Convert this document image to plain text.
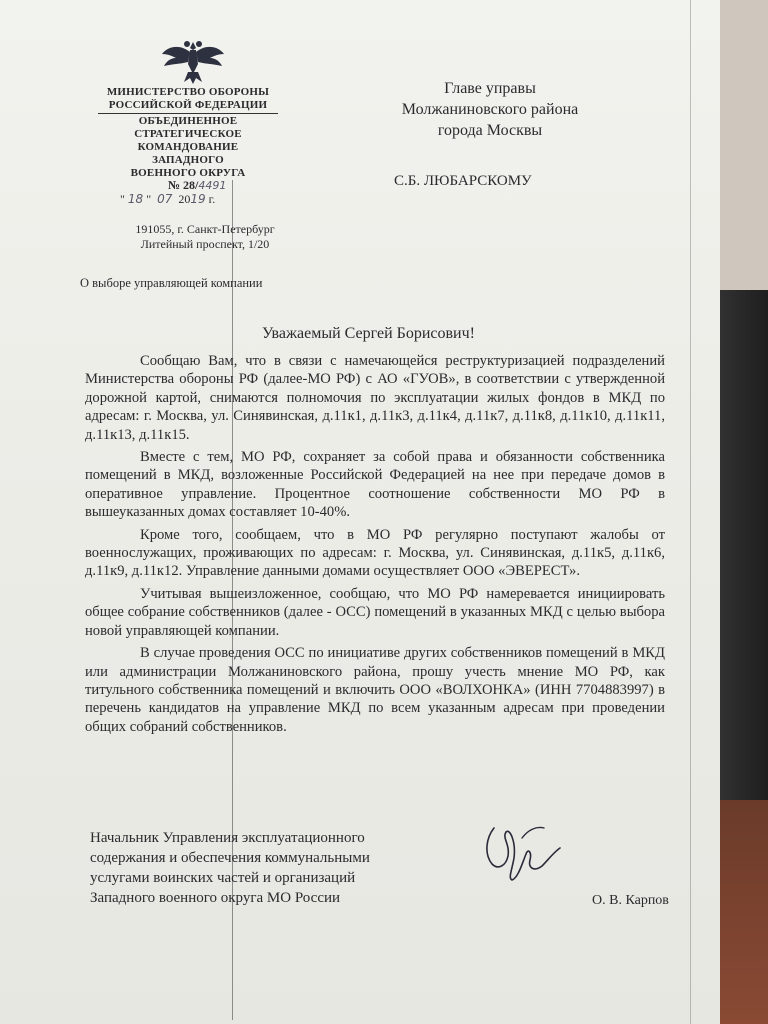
МИНИСТЕРСТВО ОБОРОНЫ
РОССИЙСКОЙ ФЕДЕРАЦИИ
ОБЪЕДИНЕННОЕ
СТРАТЕГИЧЕСКОЕ
КОМАНДОВАНИЕ
ЗАПАДНОГО
ВОЕННОГО ОКРУГА
№ 28/4491
" 18 "  07 2019 г.
191055, г. Санкт-Петербург
Литейный проспект, 1/20
О выборе управляющей компании
Главе управы
Молжаниновского района
города Москвы
С.Б. ЛЮБАРСКОМУ
Уважаемый Сергей Борисович!

Сообщаю Вам, что в связи с намечающейся реструктуризацией подразделений Министерства обороны РФ (далее-МО РФ) с АО «ГУОВ», в соответствии с утвержденной дорожной картой, снимаются полномочия по эксплуатации жилых фондов в МКД по адресам: г. Москва, ул. Синявинская, д.11к1, д.11к3, д.11к4, д.11к7, д.11к8, д.11к10, д.11к11, д.11к13, д.11к15.

Вместе с тем, МО РФ, сохраняет за собой права и обязанности собственника помещений в МКД, возложенные Российской Федерацией на нее при передаче домов в оперативное управление. Процентное соотношение собственности МО РФ в вышеуказанных домах составляет 10-40%.

Кроме того, сообщаем, что в МО РФ регулярно поступают жалобы от военнослужащих, проживающих по адресам: г. Москва, ул. Синявинская, д.11к5, д.11к6, д.11к9, д.11к12. Управление данными домами осуществляет ООО «ЭВЕРЕСТ».

Учитывая вышеизложенное, сообщаю, что МО РФ намеревается инициировать общее собрание собственников (далее - ОСС) помещений в указанных МКД с целью выбора новой управляющей компании.

В случае проведения ОСС по инициативе других собственников помещений в МКД или администрации Молжаниновского района, прошу учесть мнение МО РФ, как титульного собственника помещений и включить ООО «ВОЛХОНКА» (ИНН 7704883997) в перечень кандидатов на управление МКД по всем указанным адресам при проведении общих собраний собственников.

Начальник Управления эксплуатационного
содержания и обеспечения коммунальными
услугами воинских частей и организаций
Западного военного округа МО России	О. В. Карпов
